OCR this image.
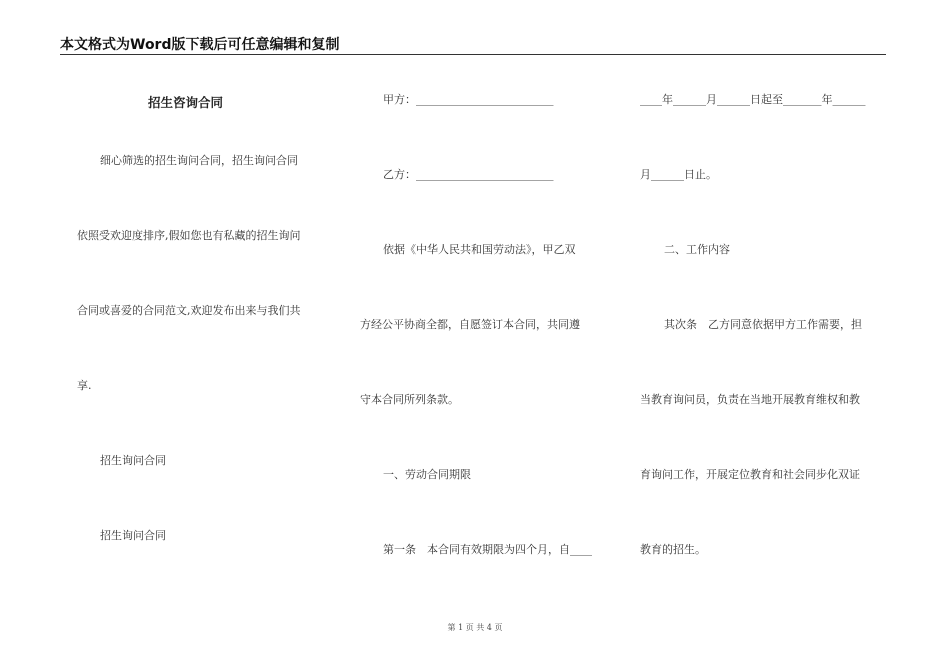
本文格式为Word版下载后可任意编辑和复制
招生咨询合同
细心筛选的招生询问合同，招生询问合同
依照受欢迎度排序,假如您也有私藏的招生询问
合同或喜爱的合同范文,欢迎发布出来与我们共
享.
招生询问合同
招生询问合同
甲方：_________________________
乙方：_________________________
依据《中华人民共和国劳动法》，甲乙双
方经公平协商全都，自愿签订本合同，共同遵
守本合同所列条款。
一、劳动合同期限
第一条　本合同有效期限为四个月，自____
____年______月______日起至_______年______
月______日止。
二、工作内容
其次条　乙方同意依据甲方工作需要，担
当教育询问员，负责在当地开展教育维权和教
育询问工作，开展定位教育和社会同步化双证
教育的招生。
第 1 页 共 4 页
